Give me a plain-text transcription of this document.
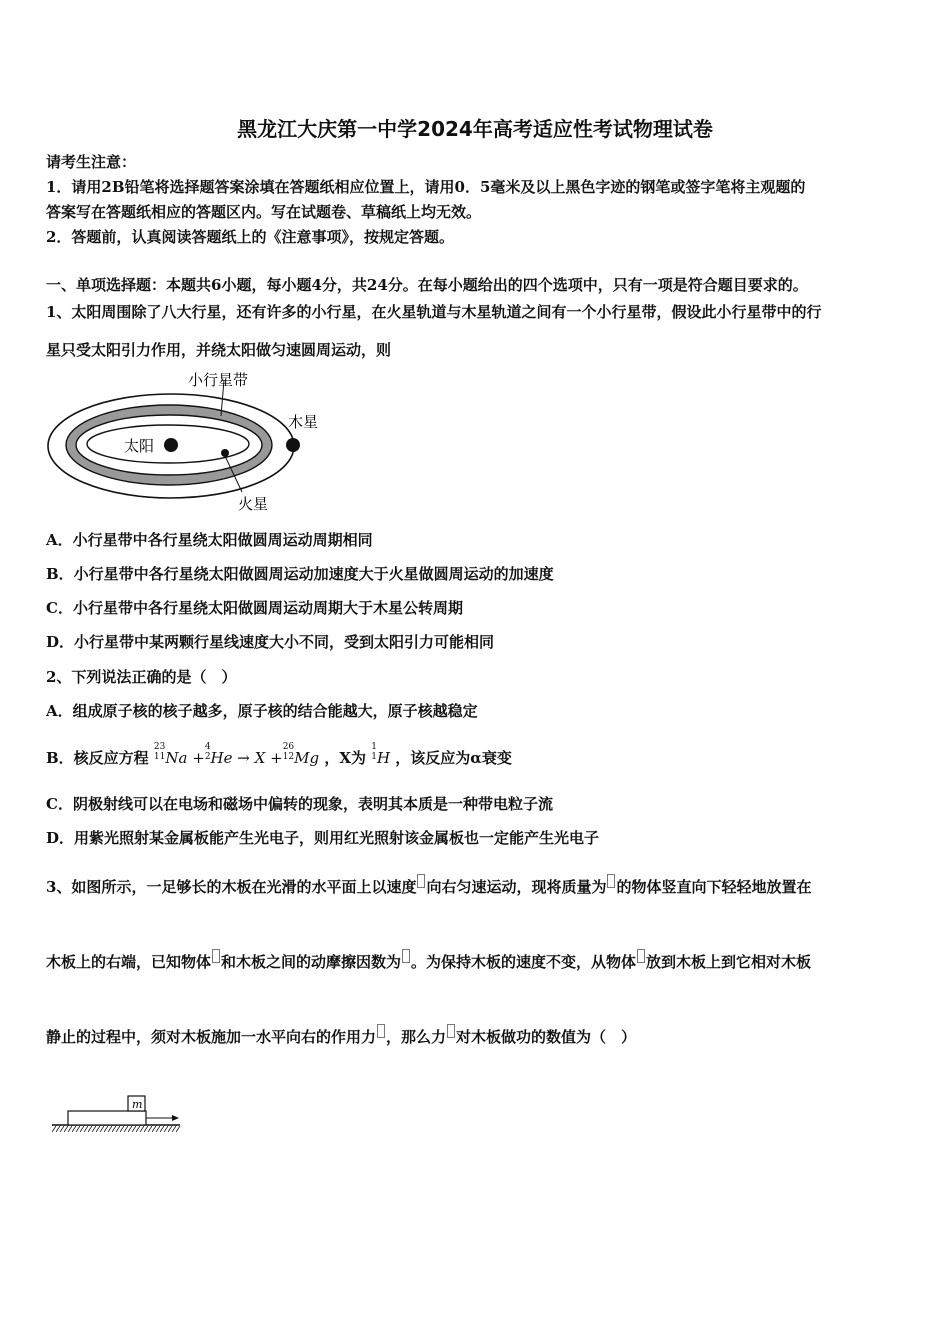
黑龙江大庆第一中学2024年高考适应性考试物理试卷
请考生注意：
1．请用2B铅笔将选择题答案涂填在答题纸相应位置上，请用0．5毫米及以上黑色字迹的钢笔或签字笔将主观题的
答案写在答题纸相应的答题区内。写在试题卷、草稿纸上均无效。
2．答题前，认真阅读答题纸上的《注意事项》，按规定答题。
一、单项选择题：本题共6小题，每小题4分，共24分。在每小题给出的四个选项中，只有一项是符合题目要求的。
1、太阳周围除了八大行星，还有许多的小行星，在火星轨道与木星轨道之间有一个小行星带，假设此小行星带中的行
星只受太阳引力作用，并绕太阳做匀速圆周运动，则
小行星带
木星
太阳
火星
A．小行星带中各行星绕太阳做圆周运动周期相同
B．小行星带中各行星绕太阳做圆周运动加速度大于火星做圆周运动的加速度
C．小行星带中各行星绕太阳做圆周运动周期大于木星公转周期
D．小行星带中某两颗行星线速度大小不同，受到太阳引力可能相同
2、下列说法正确的是（　）
A．组成原子核的核子越多，原子核的结合能越大，原子核越稳定
B．核反应方程 23
11Na +4
2He → X +26
12Mg ，X为 1
1H ，该反应为α衰变
C．阴极射线可以在电场和磁场中偏转的现象，表明其本质是一种带电粒子流
D．用紫光照射某金属板能产生光电子，则用红光照射该金属板也一定能产生光电子
3、如图所示，一足够长的木板在光滑的水平面上以速度 向右匀速运动，现将质量为 的物体竖直向下轻轻地放置在
木板上的右端，已知物体 和木板之间的动摩擦因数为 。为保持木板的速度不变，从物体 放到木板上到它相对木板
静止的过程中，须对木板施加一水平向右的作用力 ，那么力 对木板做功的数值为（　）
m
